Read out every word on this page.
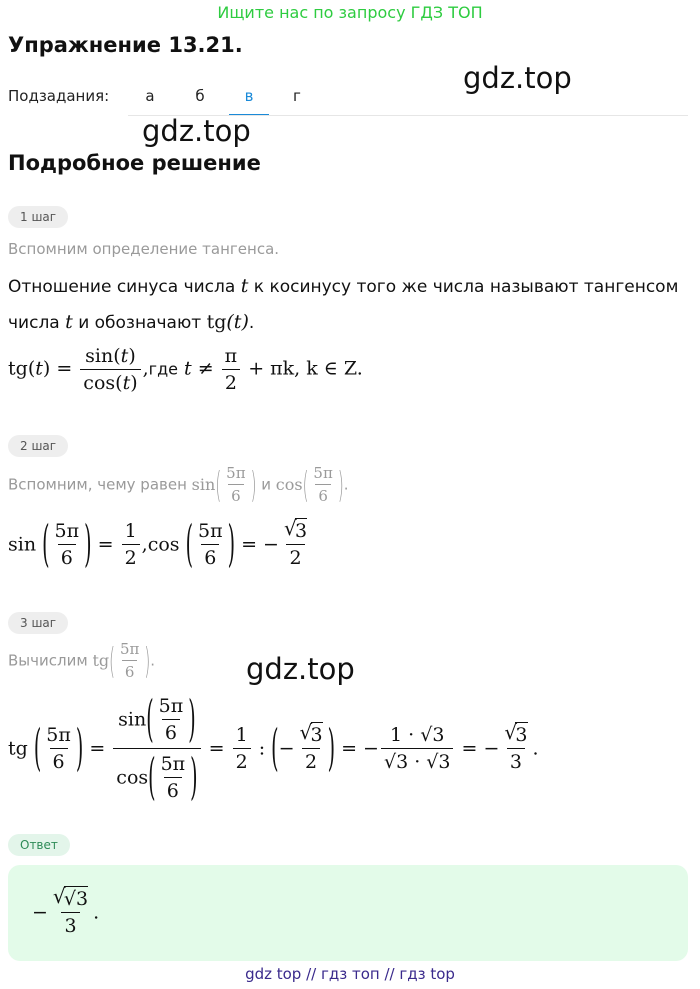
Ищите нас по запросу ГДЗ ТОП
Упражнение 13.21.
Подзадания:	а	б	в	г
gdz.top
gdz.top
gdz.top
Подробное решение
1 шаг
Вспомним определение тангенса.
Отношение синуса числа t к косинусу того же числа называют тангенсом
числа t и обозначают tg(t).
$tg(t) = \frac{\sin(t)}{\cos(t)} ,где$ $t \ne \frac{\pi}{2} + \pi k$, k ∈ Z.
2 шаг
Вспомним, чему равен $\sin( \frac{5\pi}{6}$ ) и $\cos( \frac{5\pi}{6}$ ).
sin ( $\frac{5\pi}{6}$ ) = $\frac{1}{2} ,\cos$ ( $\frac{5\pi}{6}$ ) = − √
3
2
3 шаг
Вычислим $tg( \frac{5\pi}{6}$ ).
tg ( $\frac{5\pi}{6}$ ) = $\frac{\sin( \frac{5\pi}{6} )}{\cos( \frac{5\pi}{6} )} = \frac{1}{2}$ : (− √
3
2 ) = − $\frac{1 \cdot √3}{√3 \cdot √3}$ = − √
3
3 .
Ответ
− √
√3
3 .
gdz top // гдз топ // гдз top
